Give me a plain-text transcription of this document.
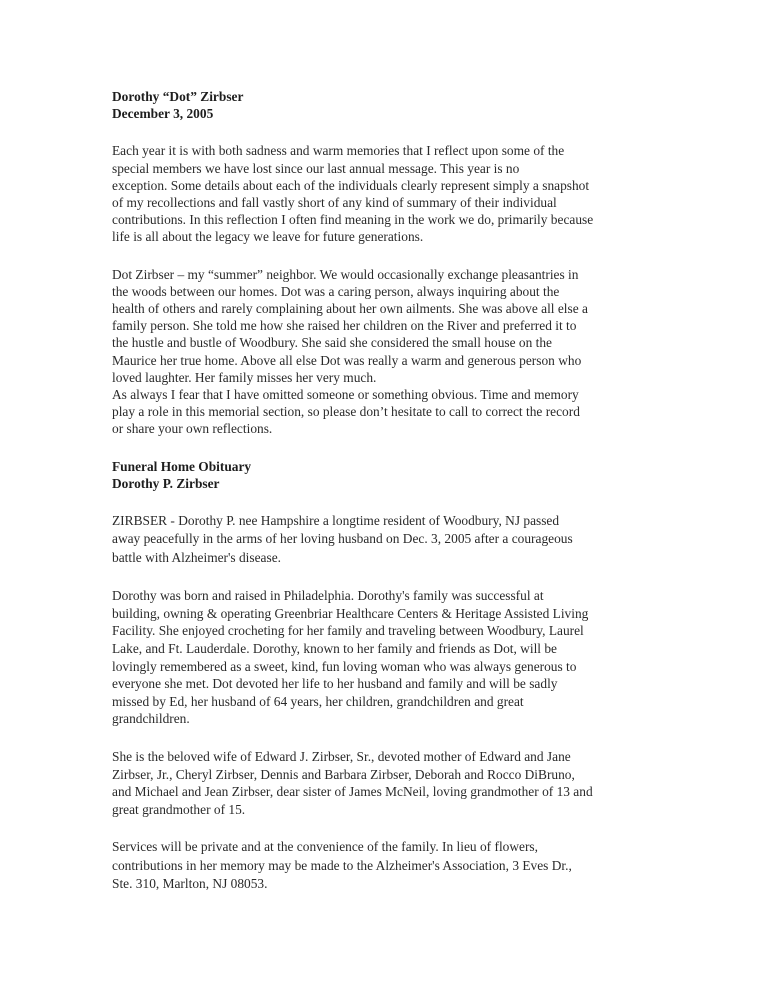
Dorothy “Dot” Zirbser
December 3, 2005
Each year it is with both sadness and warm memories that I reflect upon some of the
special members we have lost since our last annual message. This year is no
exception. Some details about each of the individuals clearly represent simply a snapshot
of my recollections and fall vastly short of any kind of summary of their individual
contributions. In this reflection I often find meaning in the work we do, primarily because
life is all about the legacy we leave for future generations.
Dot Zirbser – my “summer” neighbor. We would occasionally exchange pleasantries in
the woods between our homes. Dot was a caring person, always inquiring about the
health of others and rarely complaining about her own ailments. She was above all else a
family person. She told me how she raised her children on the River and preferred it to
the hustle and bustle of Woodbury. She said she considered the small house on the
Maurice her true home. Above all else Dot was really a warm and generous person who
loved laughter. Her family misses her very much.
As always I fear that I have omitted someone or something obvious. Time and memory
play a role in this memorial section, so please don’t hesitate to call to correct the record
or share your own reflections.
Funeral Home Obituary
Dorothy P. Zirbser
ZIRBSER - Dorothy P. nee Hampshire a longtime resident of Woodbury, NJ passed
away peacefully in the arms of her loving husband on Dec. 3, 2005 after a courageous
battle with Alzheimer's disease.
Dorothy was born and raised in Philadelphia. Dorothy's family was successful at
building, owning & operating Greenbriar Healthcare Centers & Heritage Assisted Living
Facility. She enjoyed crocheting for her family and traveling between Woodbury, Laurel
Lake, and Ft. Lauderdale. Dorothy, known to her family and friends as Dot, will be
lovingly remembered as a sweet, kind, fun loving woman who was always generous to
everyone she met. Dot devoted her life to her husband and family and will be sadly
missed by Ed, her husband of 64 years, her children, grandchildren and great
grandchildren.
She is the beloved wife of Edward J. Zirbser, Sr., devoted mother of Edward and Jane
Zirbser, Jr., Cheryl Zirbser, Dennis and Barbara Zirbser, Deborah and Rocco DiBruno,
and Michael and Jean Zirbser, dear sister of James McNeil, loving grandmother of 13 and
great grandmother of 15.
Services will be private and at the convenience of the family. In lieu of flowers,
contributions in her memory may be made to the Alzheimer's Association, 3 Eves Dr.,
Ste. 310, Marlton, NJ 08053.
